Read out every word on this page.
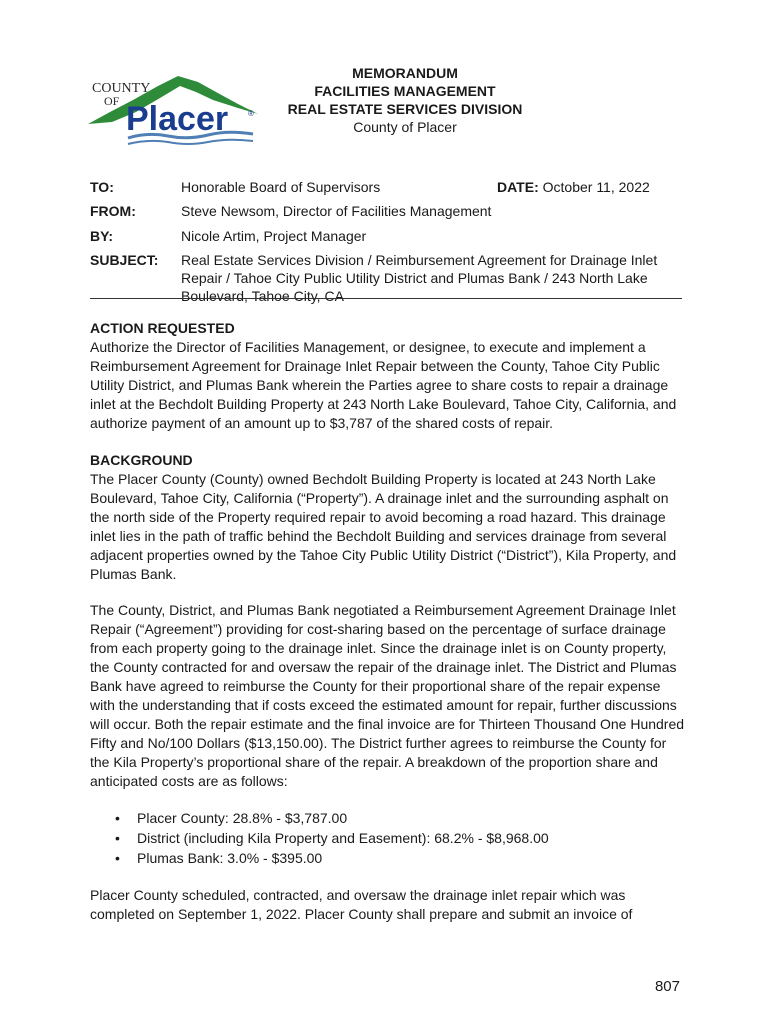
COUNTY
OF Placer ®
MEMORANDUM
FACILITIES MANAGEMENT
REAL ESTATE SERVICES DIVISION
County of Placer
TO:	Honorable Board of Supervisors	DATE: October 11, 2022
FROM:	Steve Newsom, Director of Facilities Management
BY:	Nicole Artim, Project Manager
SUBJECT: Real Estate Services Division / Reimbursement Agreement for Drainage Inlet Repair / Tahoe City Public Utility District and Plumas Bank / 243 North Lake Boulevard, Tahoe City, CA
ACTION REQUESTED
Authorize the Director of Facilities Management, or designee, to execute and implement a Reimbursement Agreement for Drainage Inlet Repair between the County, Tahoe City Public Utility District, and Plumas Bank wherein the Parties agree to share costs to repair a drainage inlet at the Bechdolt Building Property at 243 North Lake Boulevard, Tahoe City, California, and authorize payment of an amount up to $3,787 of the shared costs of repair.
BACKGROUND
The Placer County (County) owned Bechdolt Building Property is located at 243 North Lake Boulevard, Tahoe City, California (“Property”). A drainage inlet and the surrounding asphalt on the north side of the Property required repair to avoid becoming a road hazard. This drainage inlet lies in the path of traffic behind the Bechdolt Building and services drainage from several adjacent properties owned by the Tahoe City Public Utility District (“District”), Kila Property, and Plumas Bank.
The County, District, and Plumas Bank negotiated a Reimbursement Agreement Drainage Inlet Repair (“Agreement”) providing for cost-sharing based on the percentage of surface drainage from each property going to the drainage inlet. Since the drainage inlet is on County property, the County contracted for and oversaw the repair of the drainage inlet. The District and Plumas Bank have agreed to reimburse the County for their proportional share of the repair expense with the understanding that if costs exceed the estimated amount for repair, further discussions will occur. Both the repair estimate and the final invoice are for Thirteen Thousand One Hundred Fifty and No/100 Dollars ($13,150.00). The District further agrees to reimburse the County for the Kila Property’s proportional share of the repair. A breakdown of the proportion share and anticipated costs are as follows:
• Placer County: 28.8% - $3,787.00
• District (including Kila Property and Easement): 68.2% - $8,968.00
• Plumas Bank: 3.0% - $395.00
Placer County scheduled, contracted, and oversaw the drainage inlet repair which was completed on September 1, 2022. Placer County shall prepare and submit an invoice of
807
